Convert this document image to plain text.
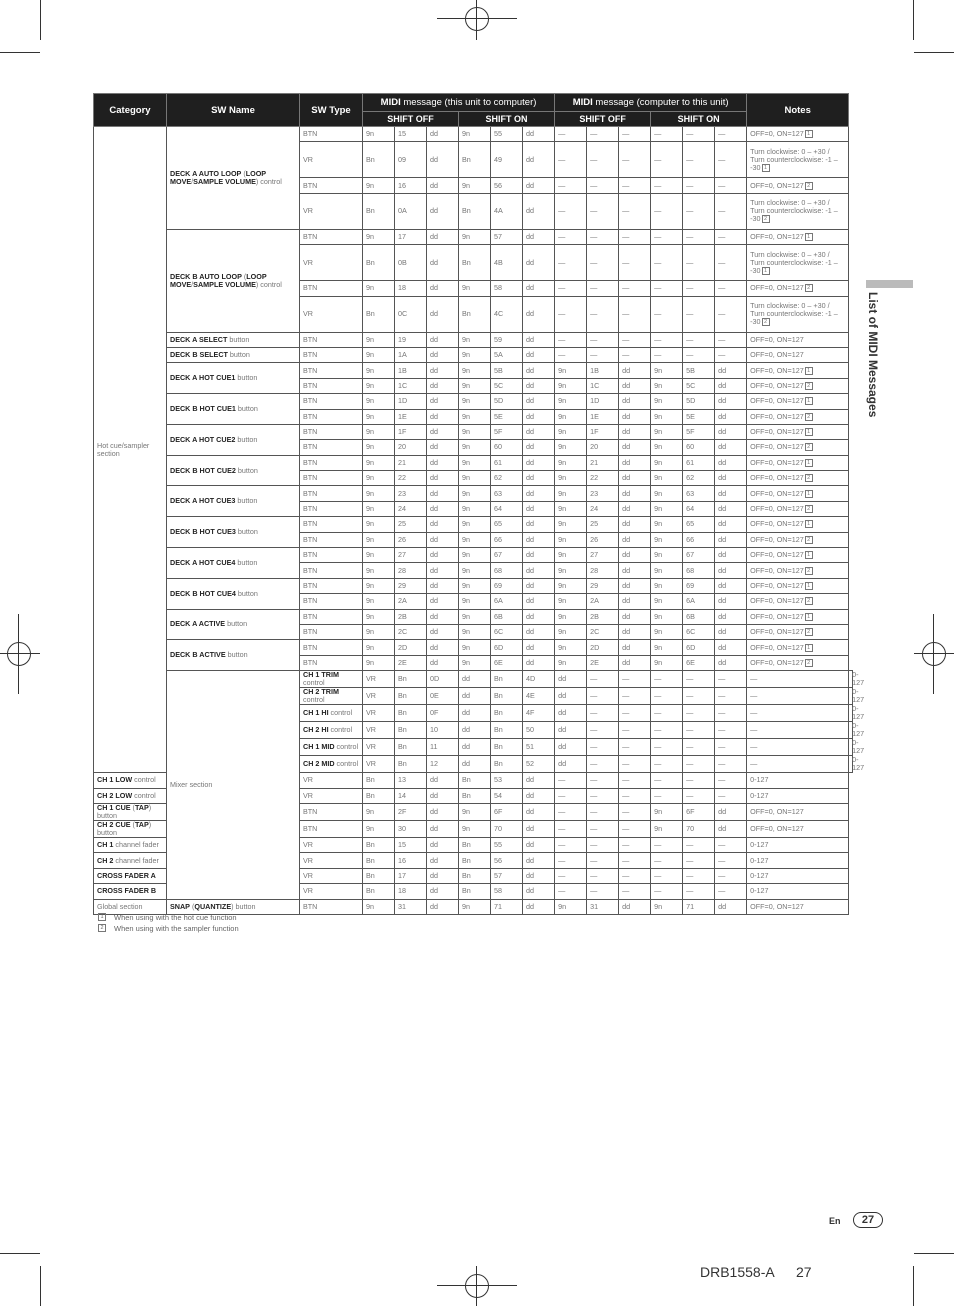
Category	SW Name	SW Type	MIDI message (this unit to computer)						MIDI message (computer to this unit)						Notes	
			SHIFT OFF			SHIFT ON			SHIFT OFF			SHIFT ON				
Hot cue/sampler section	DECK A AUTO LOOP (LOOP MOVE/SAMPLE VOLUME) control	BTN	9n	15	dd	9n	55	dd	—	—	—	—	—	—	OFF=0, ON=127 1	
		VR	Bn	09	dd	Bn	49	dd	—	—	—	—	—	—	Turn clockwise: 0 – +30 / Turn counterclockwise: -1 – -30 1	
		BTN	9n	16	dd	9n	56	dd	—	—	—	—	—	—	OFF=0, ON=127 2	
		VR	Bn	0A	dd	Bn	4A	dd	—	—	—	—	—	—	Turn clockwise: 0 – +30 / Turn counterclockwise: -1 – -30 2	
	DECK B AUTO LOOP (LOOP MOVE/SAMPLE VOLUME) control	BTN	9n	17	dd	9n	57	dd	—	—	—	—	—	—	OFF=0, ON=127 1	
		VR	Bn	0B	dd	Bn	4B	dd	—	—	—	—	—	—	Turn clockwise: 0 – +30 / Turn counterclockwise: -1 – -30 1	
		BTN	9n	18	dd	9n	58	dd	—	—	—	—	—	—	OFF=0, ON=127 2	
		VR	Bn	0C	dd	Bn	4C	dd	—	—	—	—	—	—	Turn clockwise: 0 – +30 / Turn counterclockwise: -1 – -30 2	
	DECK A SELECT button	BTN	9n	19	dd	9n	59	dd	—	—	—	—	—	—	OFF=0, ON=127	
	DECK B SELECT button	BTN	9n	1A	dd	9n	5A	dd	—	—	—	—	—	—	OFF=0, ON=127	
	DECK A HOT CUE1 button	BTN	9n	1B	dd	9n	5B	dd	9n	1B	dd	9n	5B	dd	OFF=0, ON=127 1	
		BTN	9n	1C	dd	9n	5C	dd	9n	1C	dd	9n	5C	dd	OFF=0, ON=127 2	
	DECK B HOT CUE1 button	BTN	9n	1D	dd	9n	5D	dd	9n	1D	dd	9n	5D	dd	OFF=0, ON=127 1	
		BTN	9n	1E	dd	9n	5E	dd	9n	1E	dd	9n	5E	dd	OFF=0, ON=127 2	
	DECK A HOT CUE2 button	BTN	9n	1F	dd	9n	5F	dd	9n	1F	dd	9n	5F	dd	OFF=0, ON=127 1	
		BTN	9n	20	dd	9n	60	dd	9n	20	dd	9n	60	dd	OFF=0, ON=127 2	
	DECK B HOT CUE2 button	BTN	9n	21	dd	9n	61	dd	9n	21	dd	9n	61	dd	OFF=0, ON=127 1	
		BTN	9n	22	dd	9n	62	dd	9n	22	dd	9n	62	dd	OFF=0, ON=127 2	
	DECK A HOT CUE3 button	BTN	9n	23	dd	9n	63	dd	9n	23	dd	9n	63	dd	OFF=0, ON=127 1	
		BTN	9n	24	dd	9n	64	dd	9n	24	dd	9n	64	dd	OFF=0, ON=127 2	
	DECK B HOT CUE3 button	BTN	9n	25	dd	9n	65	dd	9n	25	dd	9n	65	dd	OFF=0, ON=127 1	
		BTN	9n	26	dd	9n	66	dd	9n	26	dd	9n	66	dd	OFF=0, ON=127 2	
	DECK A HOT CUE4 button	BTN	9n	27	dd	9n	67	dd	9n	27	dd	9n	67	dd	OFF=0, ON=127 1	
		BTN	9n	28	dd	9n	68	dd	9n	28	dd	9n	68	dd	OFF=0, ON=127 2	
	DECK B HOT CUE4 button	BTN	9n	29	dd	9n	69	dd	9n	29	dd	9n	69	dd	OFF=0, ON=127 1	
		BTN	9n	2A	dd	9n	6A	dd	9n	2A	dd	9n	6A	dd	OFF=0, ON=127 2	
	DECK A ACTIVE button	BTN	9n	2B	dd	9n	6B	dd	9n	2B	dd	9n	6B	dd	OFF=0, ON=127 1	
		BTN	9n	2C	dd	9n	6C	dd	9n	2C	dd	9n	6C	dd	OFF=0, ON=127 2	
	DECK B ACTIVE button	BTN	9n	2D	dd	9n	6D	dd	9n	2D	dd	9n	6D	dd	OFF=0, ON=127 1	
		BTN	9n	2E	dd	9n	6E	dd	9n	2E	dd	9n	6E	dd	OFF=0, ON=127 2	
	Mixer section	CH 1 TRIM control	VR	Bn	0D	dd	Bn	4D	dd	—	—	—	—	—	—	0-127
		CH 2 TRIM control	VR	Bn	0E	dd	Bn	4E	dd	—	—	—	—	—	—	0-127
		CH 1 HI control	VR	Bn	0F	dd	Bn	4F	dd	—	—	—	—	—	—	0-127
		CH 2 HI control	VR	Bn	10	dd	Bn	50	dd	—	—	—	—	—	—	0-127
		CH 1 MID control	VR	Bn	11	dd	Bn	51	dd	—	—	—	—	—	—	0-127
		CH 2 MID control	VR	Bn	12	dd	Bn	52	dd	—	—	—	—	—	—	0-127
CH 1 LOW control		VR	Bn	13	dd	Bn	53	dd	—	—	—	—	—	—	0-127	
CH 2 LOW control		VR	Bn	14	dd	Bn	54	dd	—	—	—	—	—	—	0-127	
CH 1 CUE (TAP) button		BTN	9n	2F	dd	9n	6F	dd	—	—	—	9n	6F	dd	OFF=0, ON=127	
CH 2 CUE (TAP) button		BTN	9n	30	dd	9n	70	dd	—	—	—	9n	70	dd	OFF=0, ON=127	
CH 1 channel fader		VR	Bn	15	dd	Bn	55	dd	—	—	—	—	—	—	0-127	
CH 2 channel fader		VR	Bn	16	dd	Bn	56	dd	—	—	—	—	—	—	0-127	
CROSS FADER A		VR	Bn	17	dd	Bn	57	dd	—	—	—	—	—	—	0-127	
CROSS FADER B		VR	Bn	18	dd	Bn	58	dd	—	—	—	—	—	—	0-127	
Global section	SNAP (QUANTIZE) button	BTN	9n	31	dd	9n	71	dd	9n	31	dd	9n	71	dd	OFF=0, ON=127	
1 When using with the hot cue function
2 When using with the sampler function
List of MIDI Messages
En	27
DRB1558-A 27
